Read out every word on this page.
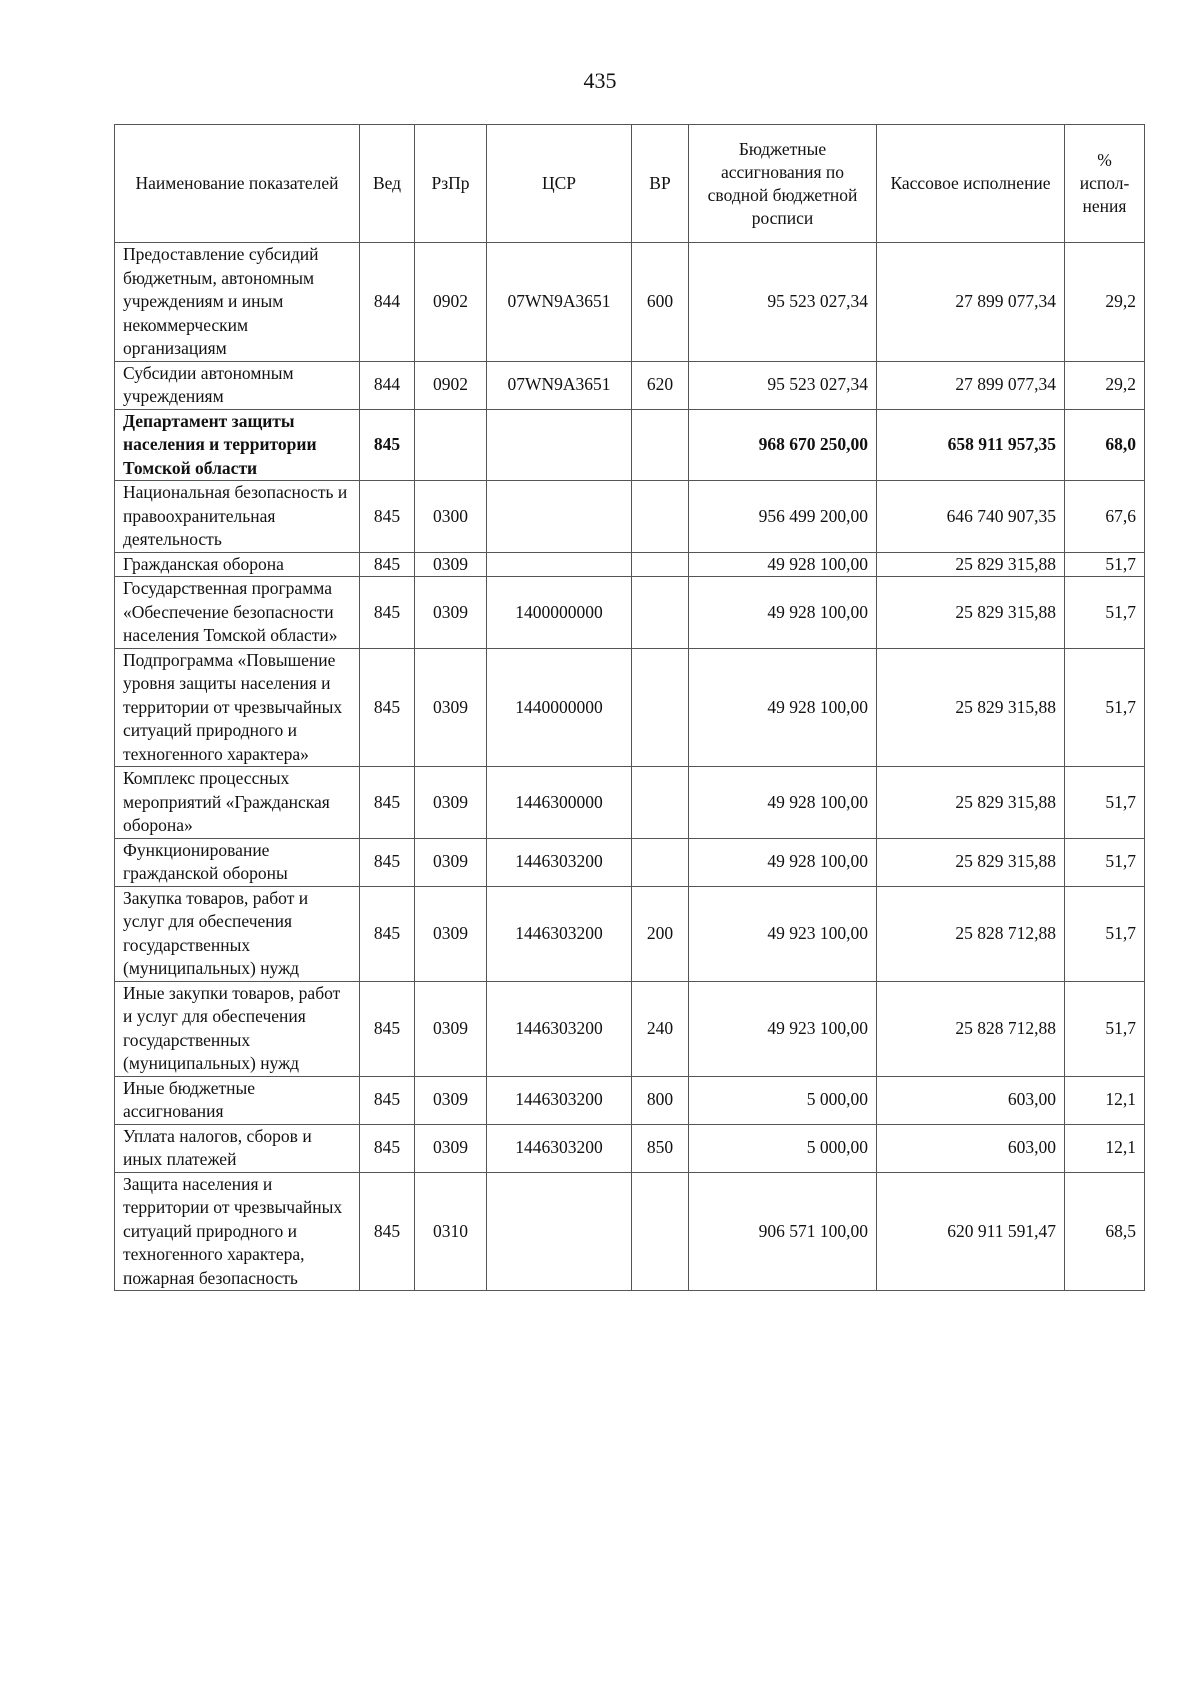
435
Наименование показателей	Вед	РзПр	ЦСР	ВР	Бюджетные ассигнования по сводной бюджетной росписи	Кассовое исполнение	% испол-нения
Предоставление субсидий бюджетным, автономным учреждениям и иным некоммерческим организациям	844	0902	07WN9A3651	600	95 523 027,34	27 899 077,34	29,2
Субсидии автономным учреждениям	844	0902	07WN9A3651	620	95 523 027,34	27 899 077,34	29,2
Департамент защиты населения и территории Томской области	845				968 670 250,00	658 911 957,35	68,0
Национальная безопасность и правоохранительная деятельность	845	0300			956 499 200,00	646 740 907,35	67,6
Гражданская оборона	845	0309			49 928 100,00	25 829 315,88	51,7
Государственная программа «Обеспечение безопасности населения Томской области»	845	0309	1400000000		49 928 100,00	25 829 315,88	51,7
Подпрограмма «Повышение уровня защиты населения и территории от чрезвычайных ситуаций природного и техногенного характера»	845	0309	1440000000		49 928 100,00	25 829 315,88	51,7
Комплекс процессных мероприятий «Гражданская оборона»	845	0309	1446300000		49 928 100,00	25 829 315,88	51,7
Функционирование гражданской обороны	845	0309	1446303200		49 928 100,00	25 829 315,88	51,7
Закупка товаров, работ и услуг для обеспечения государственных (муниципальных) нужд	845	0309	1446303200	200	49 923 100,00	25 828 712,88	51,7
Иные закупки товаров, работ и услуг для обеспечения государственных (муниципальных) нужд	845	0309	1446303200	240	49 923 100,00	25 828 712,88	51,7
Иные бюджетные ассигнования	845	0309	1446303200	800	5 000,00	603,00	12,1
Уплата налогов, сборов и иных платежей	845	0309	1446303200	850	5 000,00	603,00	12,1
Защита населения и территории от чрезвычайных ситуаций природного и техногенного характера, пожарная безопасность	845	0310			906 571 100,00	620 911 591,47	68,5
